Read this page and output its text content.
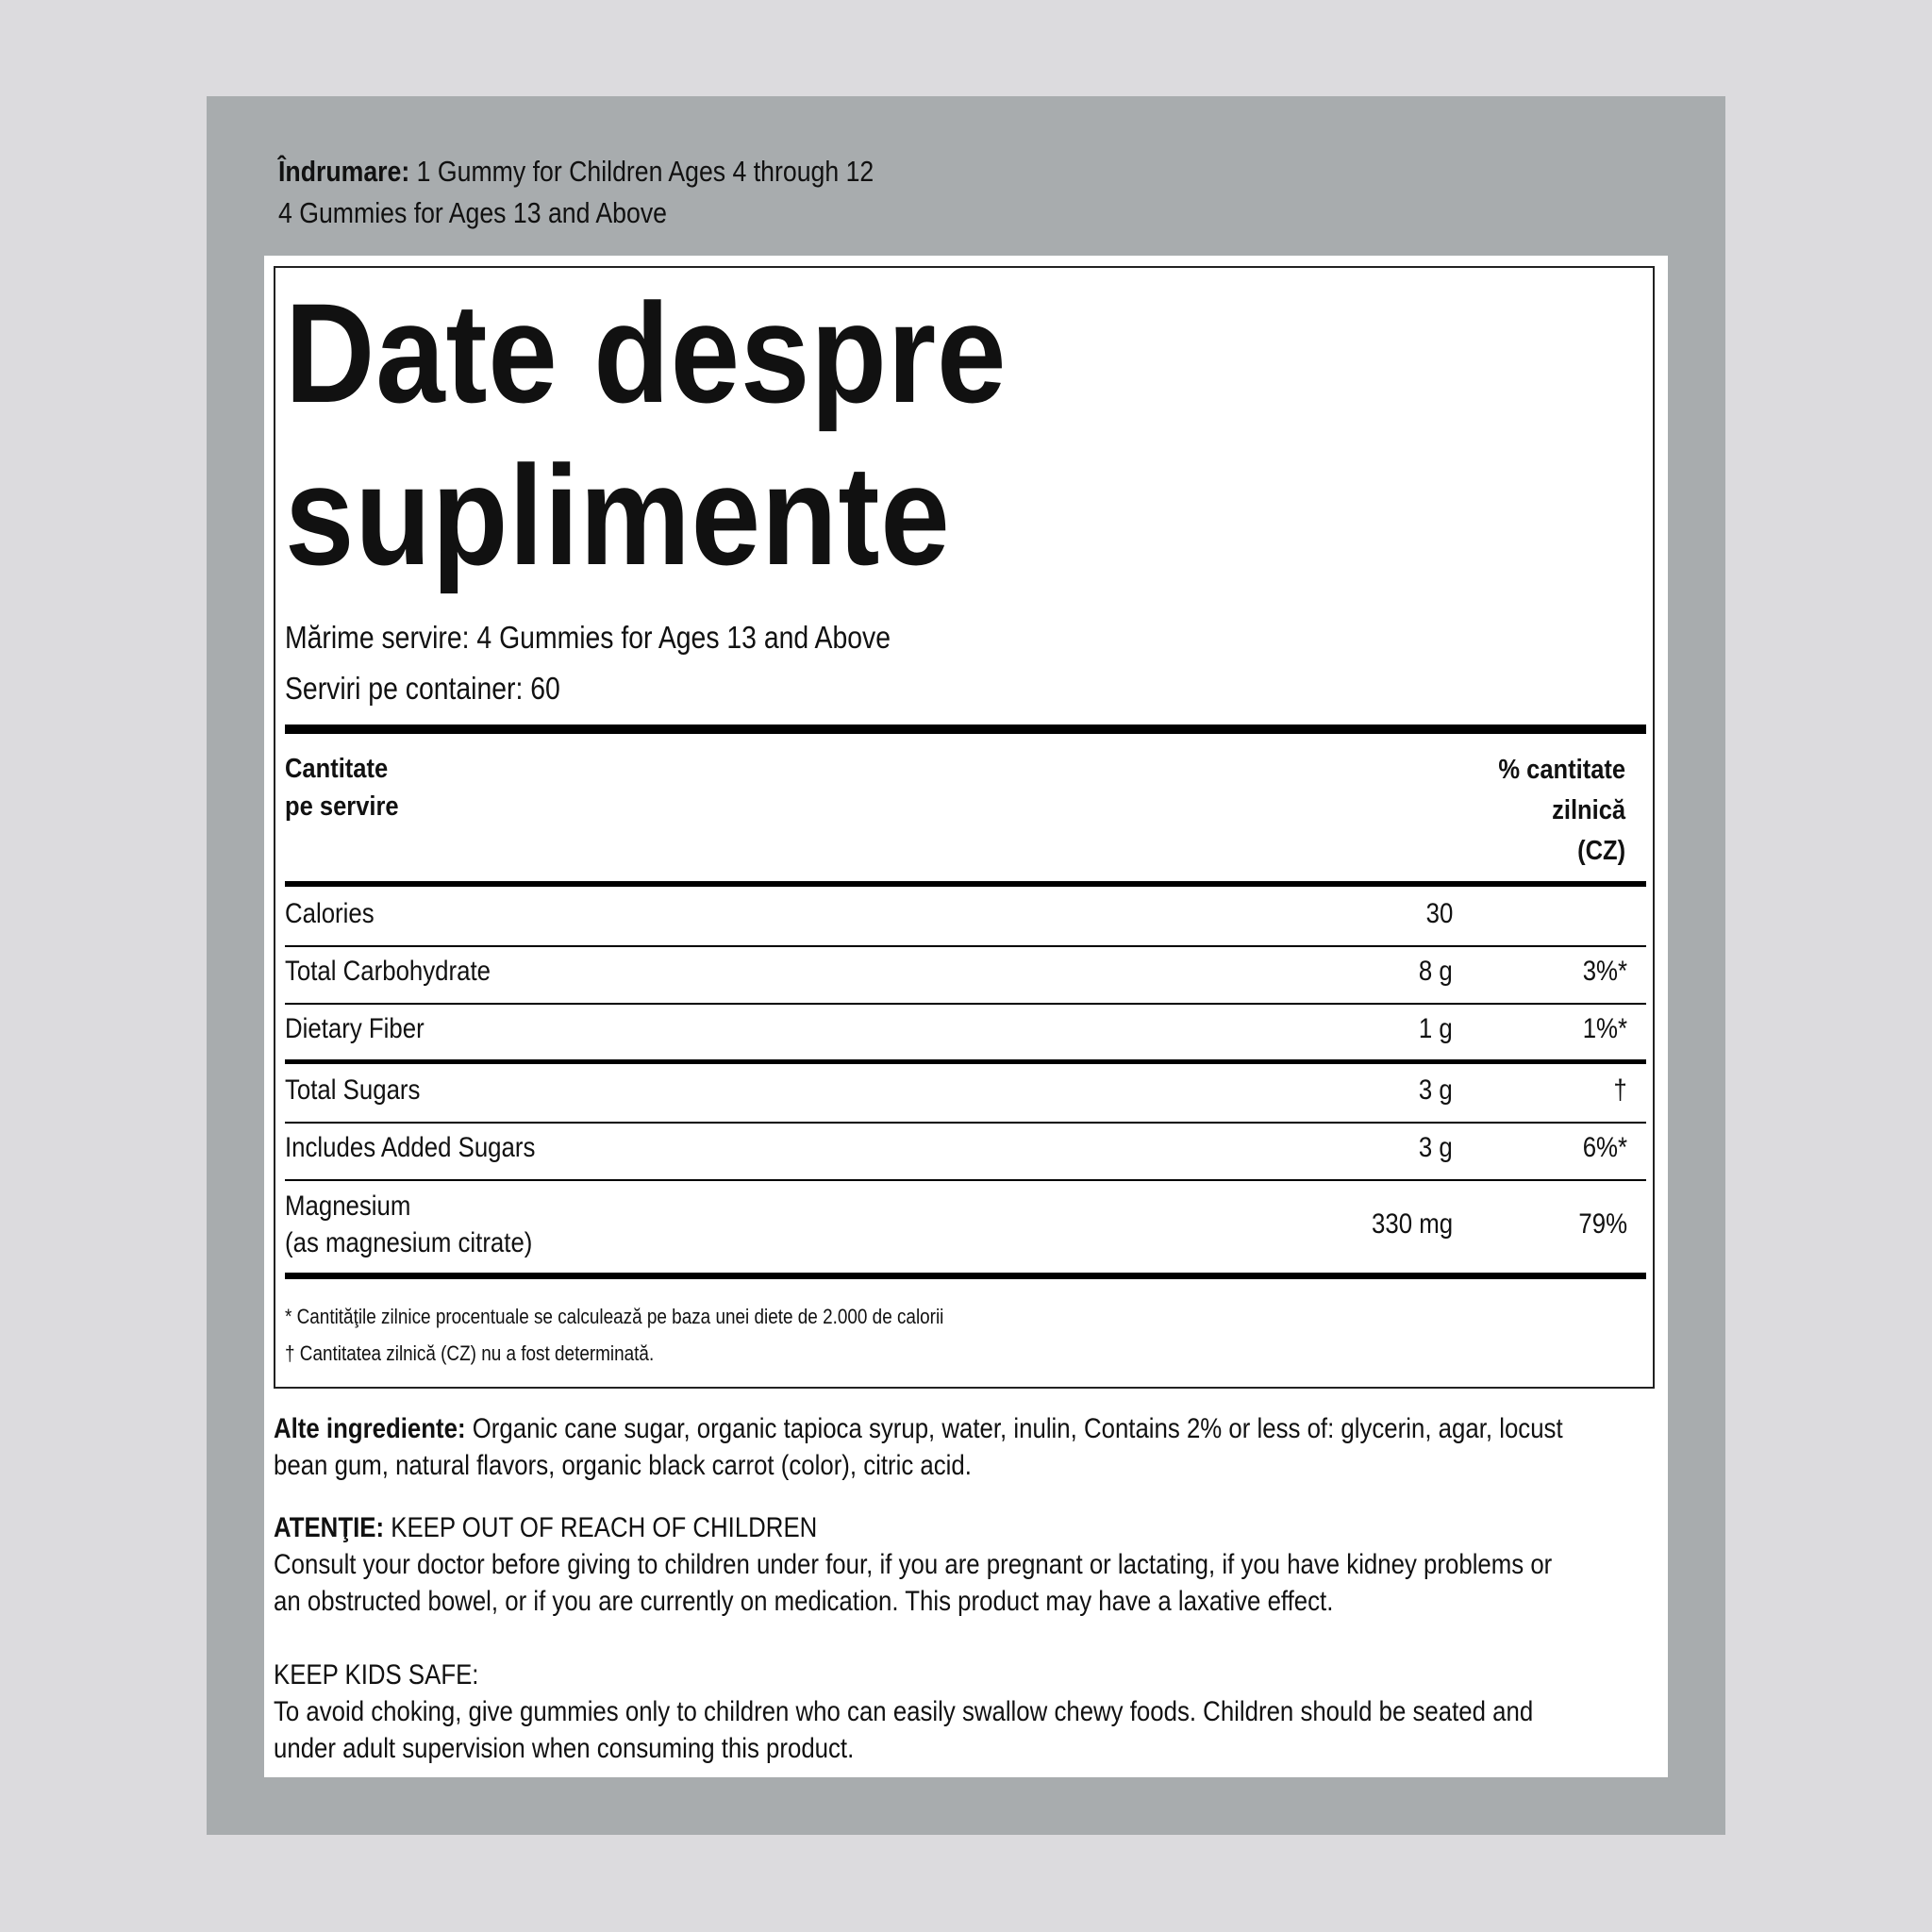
Îndrumare: 1 Gummy for Children Ages 4 through 12
4 Gummies for Ages 13 and Above
Date despre
suplimente
Mărime servire: 4 Gummies for Ages 13 and Above
Serviri pe container: 60
Cantitate
pe servire
% cantitate
zilnică
(CZ)
Calories	30
Total Carbohydrate	8 g	3%*
Dietary Fiber	1 g	1%*
Total Sugars	3 g	†
Includes Added Sugars	3 g	6%*
Magnesium
(as magnesium citrate)
330 mg	79%
* Cantităţile zilnice procentuale se calculează pe baza unei diete de 2.000 de calorii
† Cantitatea zilnică (CZ) nu a fost determinată.
Alte ingrediente: Organic cane sugar, organic tapioca syrup, water, inulin, Contains 2% or less of: glycerin, agar, locust
bean gum, natural flavors, organic black carrot (color), citric acid.
ATENŢIE: KEEP OUT OF REACH OF CHILDREN
Consult your doctor before giving to children under four, if you are pregnant or lactating, if you have kidney problems or
an obstructed bowel, or if you are currently on medication. This product may have a laxative effect.
KEEP KIDS SAFE:
To avoid choking, give gummies only to children who can easily swallow chewy foods. Children should be seated and
under adult supervision when consuming this product.
